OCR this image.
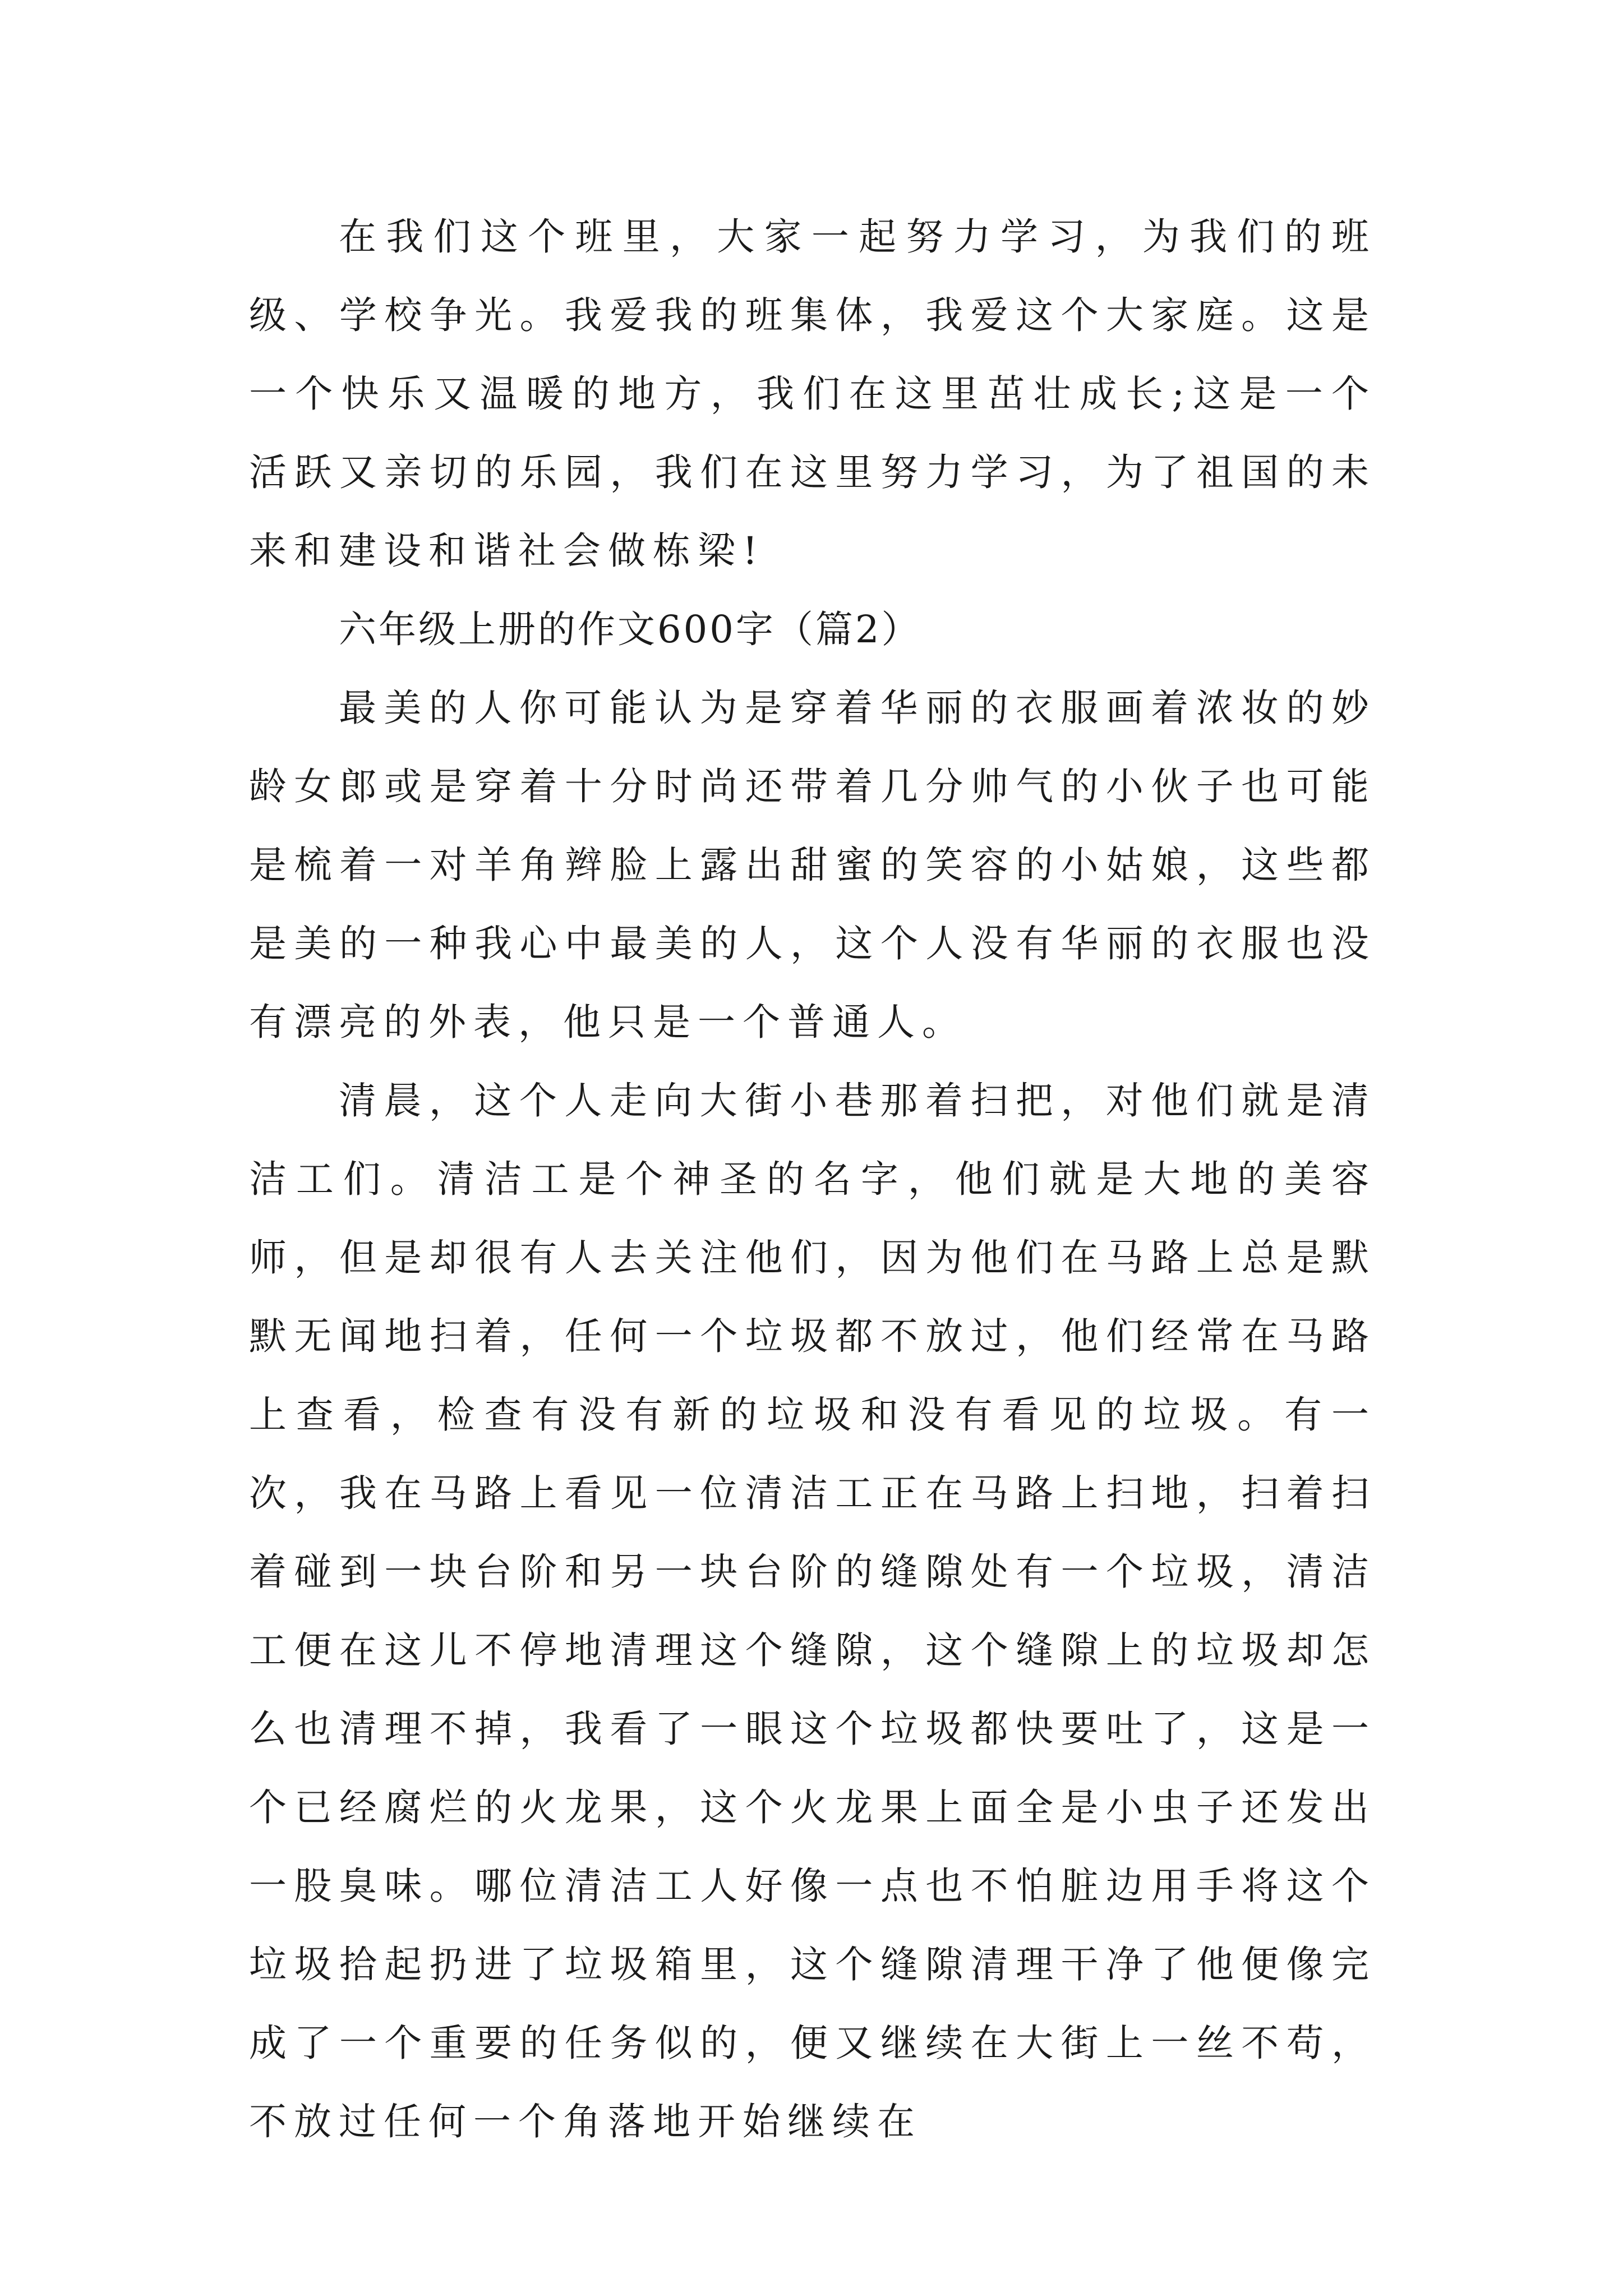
在我们这个班里，大家一起努力学习，为我们的班级、学校争光。我爱我的班集体，我爱这个大家庭。这是一个快乐又温暖的地方，我们在这里茁壮成长;这是一个活跃又亲切的乐园，我们在这里努力学习，为了祖国的未来和建设和谐社会做栋梁!

六年级上册的作文600字（篇2）

最美的人你可能认为是穿着华丽的衣服画着浓妆的妙龄女郎或是穿着十分时尚还带着几分帅气的小伙子也可能是梳着一对羊角辫脸上露出甜蜜的笑容的小姑娘，这些都是美的一种我心中最美的人，这个人没有华丽的衣服也没有漂亮的外表，他只是一个普通人。

清晨，这个人走向大街小巷那着扫把，对他们就是清洁工们。清洁工是个神圣的名字，他们就是大地的美容师，但是却很有人去关注他们，因为他们在马路上总是默默无闻地扫着，任何一个垃圾都不放过，他们经常在马路上查看，检查有没有新的垃圾和没有看见的垃圾。有一次，我在马路上看见一位清洁工正在马路上扫地，扫着扫着碰到一块台阶和另一块台阶的缝隙处有一个垃圾，清洁工便在这儿不停地清理这个缝隙，这个缝隙上的垃圾却怎么也清理不掉，我看了一眼这个垃圾都快要吐了，这是一个已经腐烂的火龙果，这个火龙果上面全是小虫子还发出一股臭味。哪位清洁工人好像一点也不怕脏边用手将这个垃圾拾起扔进了垃圾箱里，这个缝隙清理干净了他便像完成了一个重要的任务似的，便又继续在大街上一丝不苟，不放过任何一个角落地开始继续在
